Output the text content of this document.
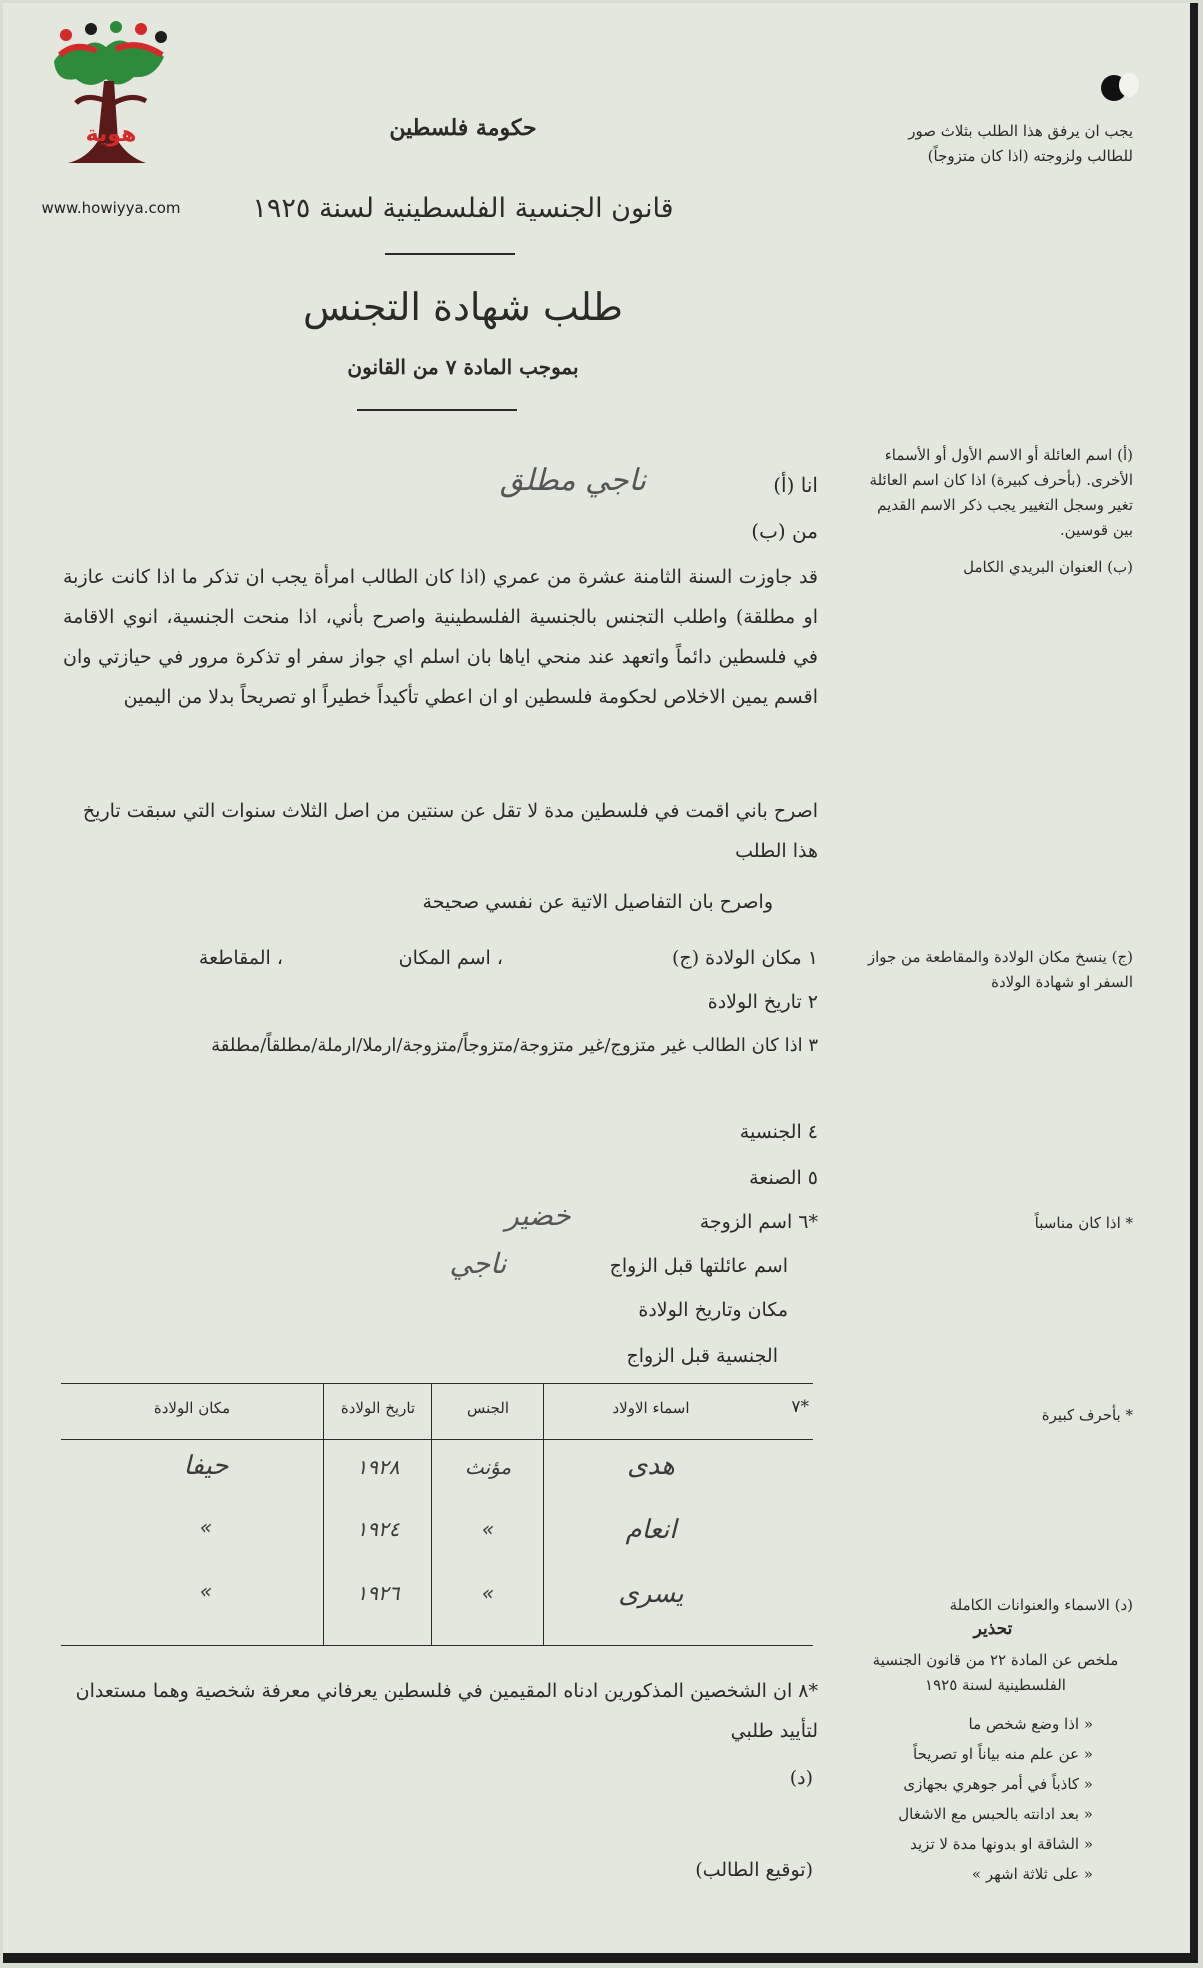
هوية
www.howiyya.com
حكومة فلسطين
قانون الجنسية الفلسطينية لسنة ١٩٢٥
طلب شهادة التجنس
بموجب المادة ٧ من القانون
يجب ان يرفق هذا الطلب بثلاث صور للطالب ولزوجته (اذا كان متزوجاً)
(أ) اسم العائلة أو الاسم الأول أو الأسماء الأخرى. (بأحرف كبيرة) اذا كان اسم العائلة تغير وسجل التغيير يجب ذكر الاسم القديم بين قوسين.
(ب) العنوان البريدي الكامل
(ج) ينسخ مكان الولادة والمقاطعة من جواز السفر او شهادة الولادة
* اذا كان مناسباً
* بأحرف كبيرة
(د) الاسماء والعنوانات الكاملة
تحذير
ملخص عن المادة ٢٢ من قانون الجنسية الفلسطينية لسنة ١٩٢٥
« اذا وضع شخص ما
« عن علم منه بياناً او تصريحاً
« كاذباً في أمر جوهري بجهازى
« بعد ادانته بالحبس مع الاشغال
« الشاقة او بدونها مدة لا تزيد
« على ثلاثة اشهر »
انا (أ)
ناجي مطلق
من (ب)
قد جاوزت السنة الثامنة عشرة من عمري (اذا كان الطالب امرأة يجب ان تذكر ما اذا كانت عازبة او مطلقة) واطلب التجنس بالجنسية الفلسطينية واصرح بأني، اذا منحت الجنسية، انوي الاقامة في فلسطين دائماً واتعهد عند منحي اياها بان اسلم اي جواز سفر او تذكرة مرور في حيازتي وان اقسم يمين الاخلاص لحكومة فلسطين او ان اعطي تأكيداً خطيراً او تصريحاً بدلا من اليمين
اصرح باني اقمت في فلسطين مدة لا تقل عن سنتين من اصل الثلاث سنوات التي سبقت تاريخ هذا الطلب
واصرح بان التفاصيل الاتية عن نفسي صحيحة
١ مكان الولادة (ج)
، اسم المكان
، المقاطعة
٢ تاريخ الولادة
٣ اذا كان الطالب غير متزوج/غير متزوجة/متزوجاً/متزوجة/ارملا/ارملة/مطلقاً/مطلقة
٤ الجنسية
٥ الصنعة
*٦ اسم الزوجة
خضير
اسم عائلتها قبل الزواج
ناجي
مكان وتاريخ الولادة
الجنسية قبل الزواج
*٧
اسماء الاولاد
الجنس
تاريخ الولادة
مكان الولادة
هدى
مؤنث
١٩٢٨
حيفا
انعام
«
١٩٢٤
«
يسرى
«
١٩٢٦
«
*٨ ان الشخصين المذكورين ادناه المقيمين في فلسطين يعرفاني معرفة شخصية وهما مستعدان لتأييد طلبي
(د)
(توقيع الطالب)
